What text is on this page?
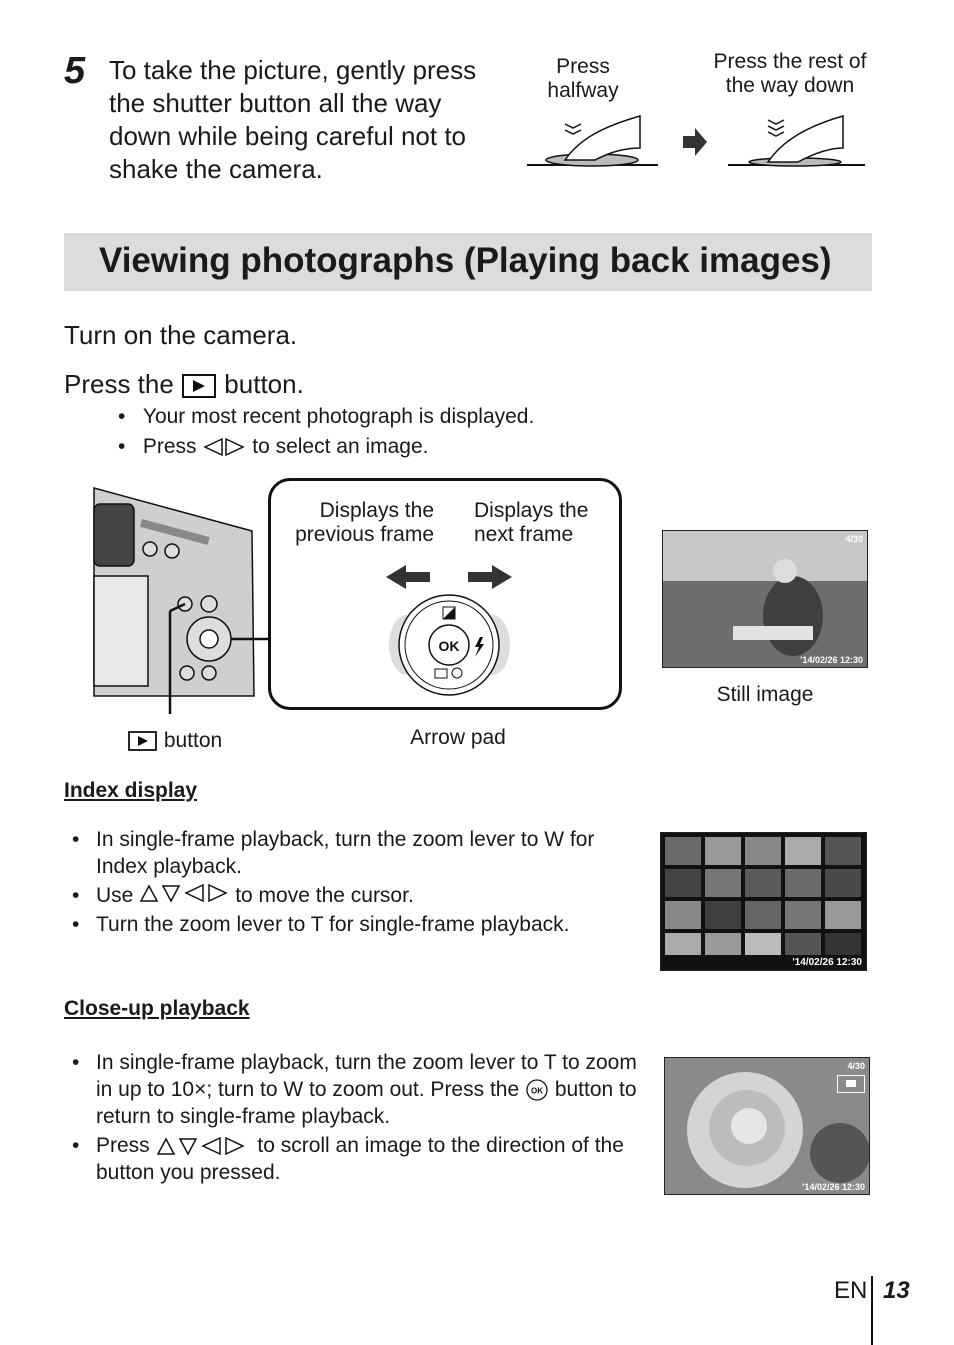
5 To take the picture, gently press the shutter button all the way down while being careful not to shake the camera.
Press halfway
Press the rest of the way down
Viewing photographs (Playing back images)
Turn on the camera.
Press the button.
•   Your most recent photograph is displayed.
•   Press	to select an image.
Displays the previous frame
Displays the next frame
OK
4/30
'14/02/26 12:30
Still image
button	Arrow pad
Index display
• In single-frame playback, turn the zoom lever to W for Index playback.
• Use
	to move the cursor.
• Turn the zoom lever to T for single-frame playback.
'14/02/26 12:30
Close-up playback
• In single-frame playback, turn the zoom lever to T to zoom in up to 10×; turn to W to zoom out. Press the OK button to return to single-frame playback.
• Press	to scroll an image to the direction of the button you pressed.
4/30
'14/02/26 12:30
EN 13
